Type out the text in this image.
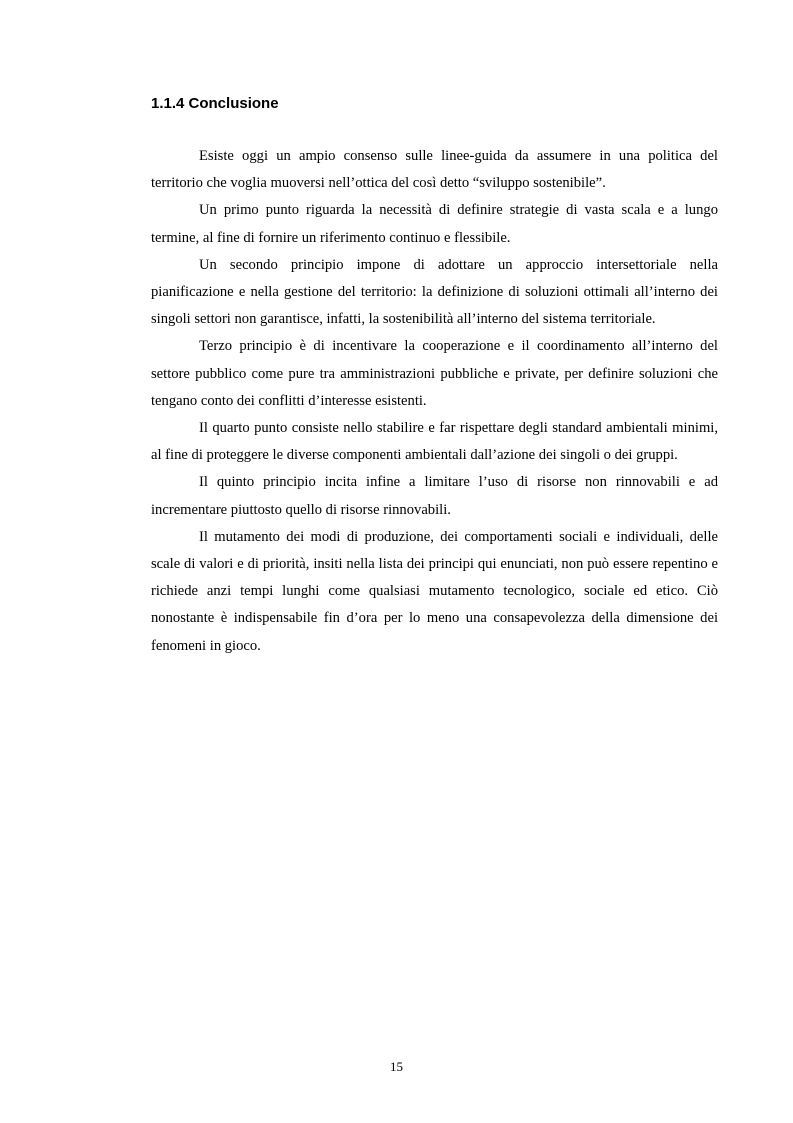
1.1.4 Conclusione

Esiste oggi un ampio consenso sulle linee-guida da assumere in una politica del territorio che voglia muoversi nell’ottica del così detto “sviluppo sostenibile”.

Un primo punto riguarda la necessità di definire strategie di vasta scala e a lungo termine, al fine di fornire un riferimento continuo e flessibile.

Un secondo principio impone di adottare un approccio intersettoriale nella pianificazione e nella gestione del territorio: la definizione di soluzioni ottimali all’interno dei singoli settori non garantisce, infatti, la sostenibilità all’interno del sistema territoriale.

Terzo principio è di incentivare la cooperazione e il coordinamento all’interno del settore pubblico come pure tra amministrazioni pubbliche e private, per definire soluzioni che tengano conto dei conflitti d’interesse esistenti.

Il quarto punto consiste nello stabilire e far rispettare degli standard ambientali minimi, al fine di proteggere le diverse componenti ambientali dall’azione dei singoli o dei gruppi.

Il quinto principio incita infine a limitare l’uso di risorse non rinnovabili e ad incrementare piuttosto quello di risorse rinnovabili.

Il mutamento dei modi di produzione, dei comportamenti sociali e individuali, delle scale di valori e di priorità, insiti nella lista dei principi qui enunciati, non può essere repentino e richiede anzi tempi lunghi come qualsiasi mutamento tecnologico, sociale ed etico. Ciò nonostante è indispensabile fin d’ora per lo meno una consapevolezza della dimensione dei fenomeni in gioco.

15
